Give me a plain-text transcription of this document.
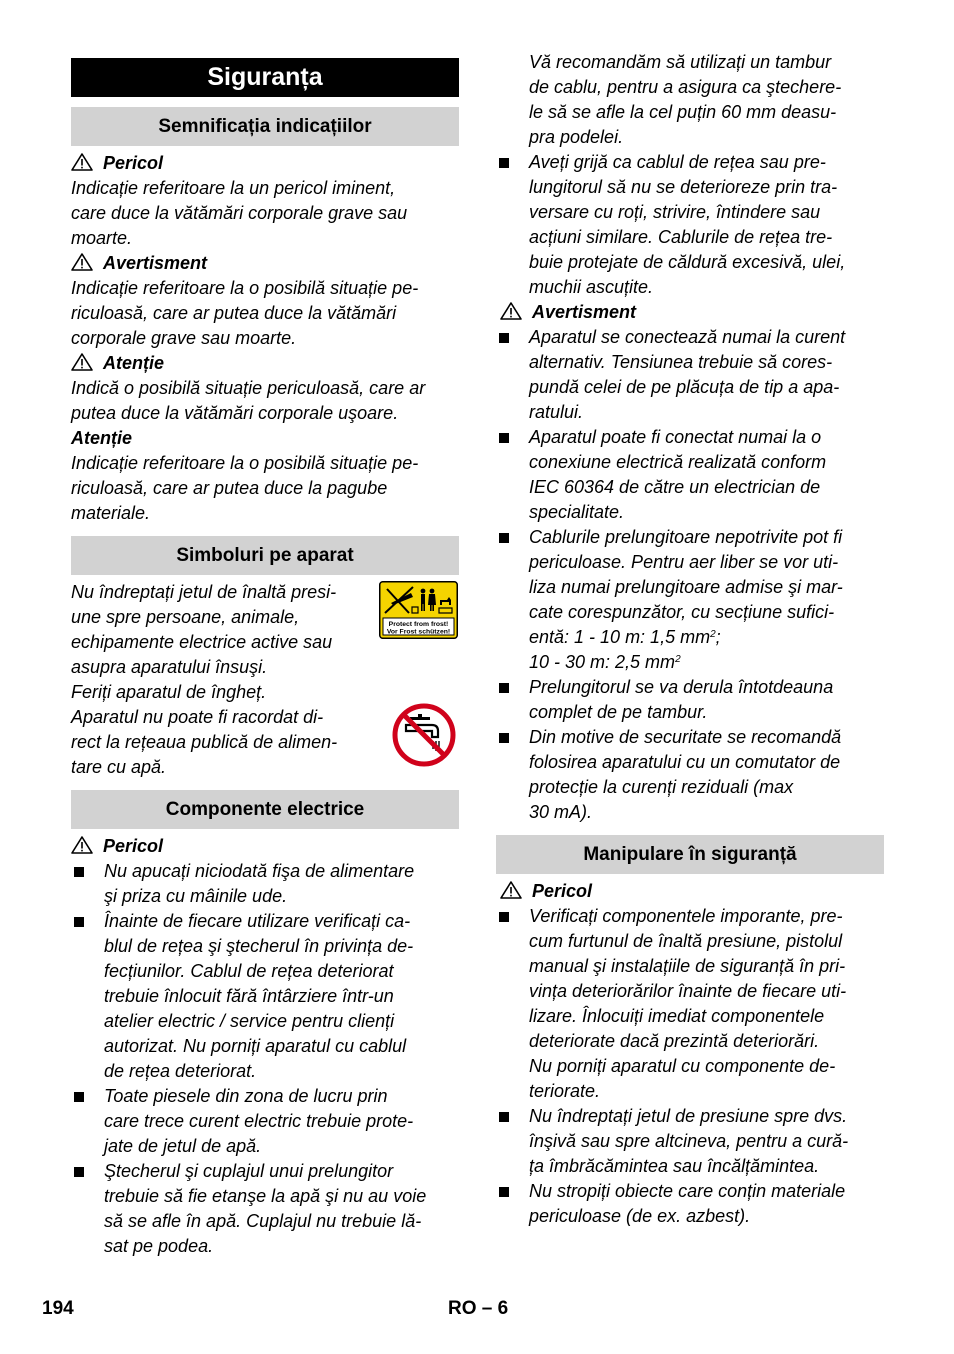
Siguranța
Semnificația indicațiilor
Pericol
Indicație referitoare la un pericol iminent,
care duce la vătămări corporale grave sau
moarte.
Avertisment
Indicație referitoare la o posibilă situație pe-
riculoasă, care ar putea duce la vătămări
corporale grave sau moarte.
Atenție
Indică o posibilă situație periculoasă, care ar
putea duce la vătămări corporale uşoare.
Atenție
Indicație referitoare la o posibilă situație pe-
riculoasă, care ar putea duce la pagube
materiale.
Simboluri pe aparat
Nu îndreptați jetul de înaltă presi-
une spre persoane, animale,
echipamente electrice active sau
asupra aparatului însuşi.
Protect from frost!
Vor Frost schützen!
Feriți aparatul de îngheț.
Aparatul nu poate fi racordat di-
rect la rețeaua publică de alimen-
tare cu apă.
Componente electrice
Pericol
Nu apucați niciodată fişa de alimentare
şi priza cu mâinile ude.
Înainte de fiecare utilizare verificați ca-
blul de rețea şi ştecherul în privința de-
fecțiunilor. Cablul de rețea deteriorat
trebuie înlocuit fără întârziere într-un
atelier electric / service pentru clienți
autorizat. Nu porniți aparatul cu cablul
de rețea deteriorat.
Toate piesele din zona de lucru prin
care trece curent electric trebuie prote-
jate de jetul de apă.
Ştecherul şi cuplajul unui prelungitor
trebuie să fie etanşe la apă şi nu au voie
să se afle în apă. Cuplajul nu trebuie lă-
sat pe podea.
Vă recomandăm să utilizați un tambur
de cablu, pentru a asigura ca ştechere-
le să se afle la cel puțin 60 mm deasu-
pra podelei.
Aveți grijă ca cablul de rețea sau pre-
lungitorul să nu se deterioreze prin tra-
versare cu roți, strivire, întindere sau
acțiuni similare. Cablurile de rețea tre-
buie protejate de căldură excesivă, ulei,
muchii ascuțite.
Avertisment
Aparatul se conectează numai la curent
alternativ. Tensiunea trebuie să cores-
pundă celei de pe plăcuța de tip a apa-
ratului.
Aparatul poate fi conectat numai la o
conexiune electrică realizată conform
IEC 60364 de către un electrician de
specialitate.
Cablurile prelungitoare nepotrivite pot fi
periculoase. Pentru aer liber se vor uti-
liza numai prelungitoare admise şi mar-
cate corespunzător, cu secțiune sufici-
entă: 1 - 10 m: 1,5 $mm^2$;
10 - 30 m: 2,5 $mm^2$
Prelungitorul se va derula întotdeauna
complet de pe tambur.
Din motive de securitate se recomandă
folosirea aparatului cu un comutator de
protecție la curenți reziduali (max
30 mA).
Manipulare în siguranță
Pericol
Verificați componentele imporante, pre-
cum furtunul de înaltă presiune, pistolul
manual şi instalațiile de siguranță în pri-
vința deteriorărilor înainte de fiecare uti-
lizare. Înlocuiți imediat componentele
deteriorate dacă prezintă deteriorări.
Nu porniți aparatul cu componente de-
teriorate.
Nu îndreptați jetul de presiune spre dvs.
înşivă sau spre altcineva, pentru a cură-
ța îmbrăcămintea sau încălțămintea.
Nu stropiți obiecte care conțin materiale
periculoase (de ex. azbest).
194	RO – 6
